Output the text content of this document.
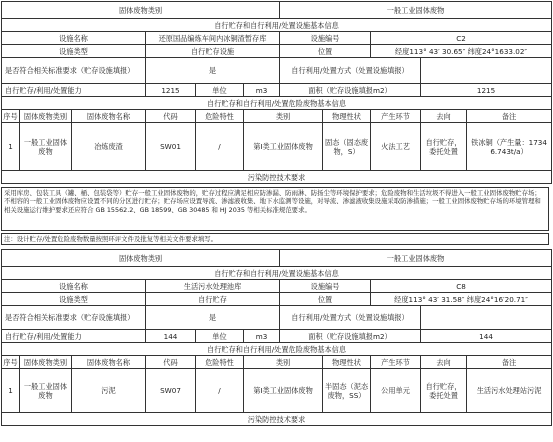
固体废物类别						一般工业固体废物				
自行贮存和自行利用/处置设施基本信息										
设施名称			还原国品编炼车间内冰铜渣暂存库			设施编号		C2		
设施类型			自行贮存设施			位置		经度113° 43′ 30.65″ 纬度24°1633.02″		
是否符合相关标准要求（贮存设施填报）			是			自行利用/处置方式（处置设施填报）				
自行贮存/利用/处置能力			1215	单位	m3	面积（贮存设施填报m2）			1215	
自行贮存和自行利用/处置危险废物基本信息										
序号	固体废物类别	固体废物名称	代码	危险特性	类别		物理性状	产生环节	去向	备注
1	一般工业固体废物	冶炼废渣	SW01	/	第Ⅰ类工业固体废物		固态（固态废物，S）	火法工艺	自行贮存，委托处置	铁冰铜（产生量：17346.743t/a）
污染防控技术要求										
采用库房、包装工具（罐、桶、包装袋等）贮存一般工业固体废物的，贮存过程应满足相应防渗漏、防雨淋、防扬尘等环境保护要求；危险废物和生活垃圾不得进入一般工业固体废物贮存场；不相容的一般工业固体废物应设置不同的分区进行贮存；贮存场应设置导流、渗滤液收集、地下水监测等设施，对导流、渗滤液收集设施采取防渗措施；一般工业固体废物贮存场的环境管理和相关设施运行维护要求还应符合 GB 15562.2、GB 18599、GB 30485 和 HJ 2035 等相关标准规范要求。
注：设计贮存/处置危险废物数量按照环评文件及批复等相关文件要求填写。
固体废物类别						一般工业固体废物				
自行贮存和自行利用/处置设施基本信息										
设施名称			生活污水处理池库			设施编号		C8		
设施类型			自行贮存			位置		经度113° 43′ 31.58″ 纬度24°16′20.71″		
是否符合相关标准要求（贮存设施填报）			是			自行利用/处置方式（处置设施填报）				
自行贮存/利用/处置能力			144	单位	m3	面积（贮存设施填报m2）			144	
自行贮存和自行利用/处置危险废物基本信息										
序号	固体废物类别	固体废物名称	代码	危险特性	类别		物理性状	产生环节	去向	备注
1	一般工业固体废物	污泥	SW07	/	第Ⅰ类工业固体废物		半固态（泥态废物，SS）	公用单元	自行贮存，委托处置	生活污水处理站污泥
污染防控技术要求										
